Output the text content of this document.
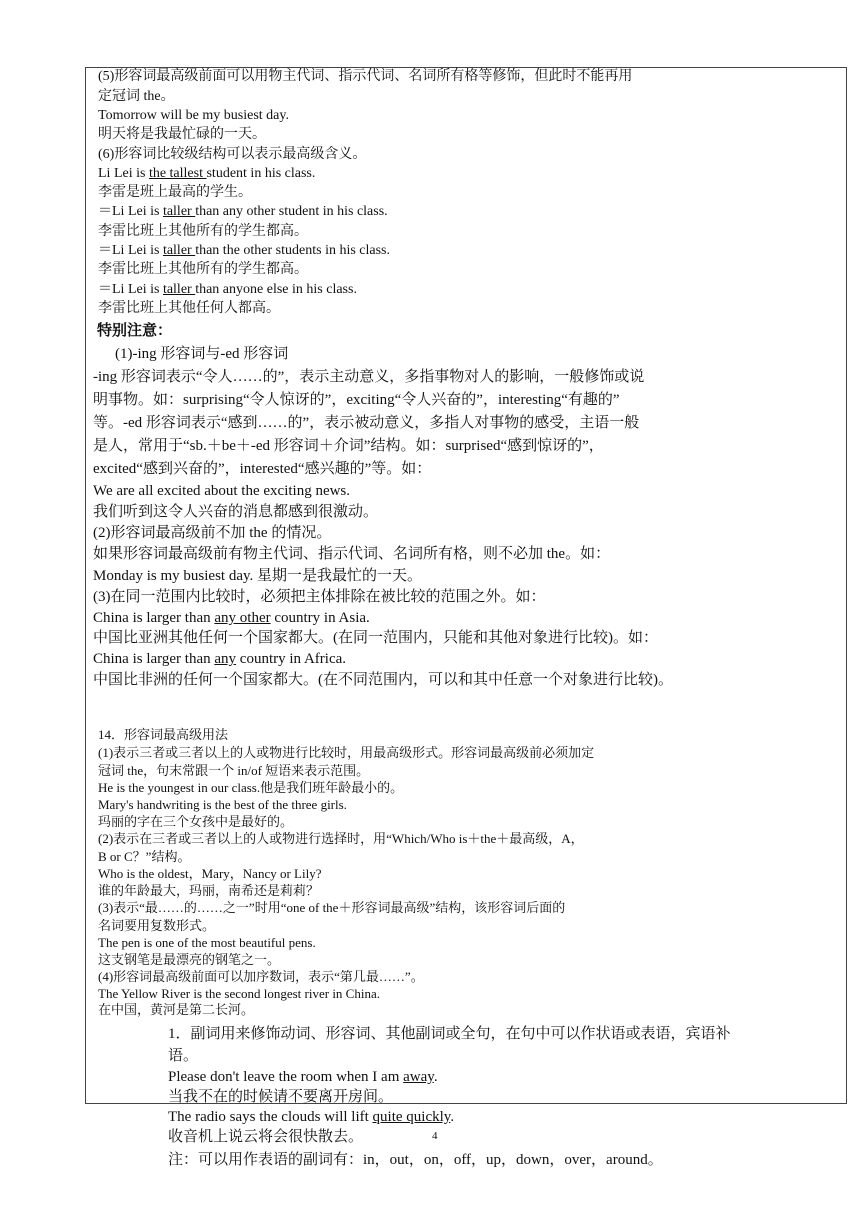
(5)形容词最高级前面可以用物主代词、指示代词、名词所有格等修饰，但此时不能再用
定冠词 the。
Tomorrow will be my busiest day.
明天将是我最忙碌的一天。
(6)形容词比较级结构可以表示最高级含义。
Li Lei is the tallest student in his class.
李雷是班上最高的学生。
＝Li Lei is taller than any other student in his class.
李雷比班上其他所有的学生都高。
＝Li Lei is taller than the other students in his class.
李雷比班上其他所有的学生都高。
＝Li Lei is taller than anyone else in his class.
李雷比班上其他任何人都高。
特别注意：
(1)-ing 形容词与-ed 形容词
-ing 形容词表示“令人……的”，表示主动意义，多指事物对人的影响，一般修饰或说
明事物。如：surprising“令人惊讶的”，exciting“令人兴奋的”，interesting“有趣的”
等。-ed 形容词表示“感到……的”，表示被动意义，多指人对事物的感受，主语一般
是人，常用于“sb.＋be＋-ed 形容词＋介词”结构。如：surprised“感到惊讶的”，
excited“感到兴奋的”，interested“感兴趣的”等。如：
We are all excited about the exciting news.
我们听到这令人兴奋的消息都感到很激动。
(2)形容词最高级前不加 the 的情况。
如果形容词最高级前有物主代词、指示代词、名词所有格，则不必加 the。如：
Monday is my busiest day. 星期一是我最忙的一天。
(3)在同一范围内比较时，必须把主体排除在被比较的范围之外。如：
China is larger than any other country in Asia.
中国比亚洲其他任何一个国家都大。(在同一范围内，只能和其他对象进行比较)。如：
China is larger than any country in Africa.
中国比非洲的任何一个国家都大。(在不同范围内，可以和其中任意一个对象进行比较)。
14．形容词最高级用法
(1)表示三者或三者以上的人或物进行比较时，用最高级形式。形容词最高级前必须加定
冠词 the，句末常跟一个 in/of 短语来表示范围。
He is the youngest in our class.他是我们班年龄最小的。
Mary's handwriting is the best of the three girls.
玛丽的字在三个女孩中是最好的。
(2)表示在三者或三者以上的人或物进行选择时，用“Which/Who is＋the＋最高级，A，
B or C？”结构。
Who is the oldest，Mary，Nancy or Lily?
谁的年龄最大，玛丽，南希还是莉莉？
(3)表示“最……的……之一”时用“one of the＋形容词最高级”结构，该形容词后面的
名词要用复数形式。
The pen is one of the most beautiful pens.
这支钢笔是最漂亮的钢笔之一。
(4)形容词最高级前面可以加序数词，表示“第几最……”。
The Yellow River is the second longest river in China.
在中国，黄河是第二长河。
1．副词用来修饰动词、形容词、其他副词或全句，在句中可以作状语或表语，宾语补
语。
Please don't leave the room when I am away.
当我不在的时候请不要离开房间。
The radio says the clouds will lift quite quickly.
收音机上说云将会很快散去。	4
注：可以用作表语的副词有：in，out，on，off，up，down，over，around。
